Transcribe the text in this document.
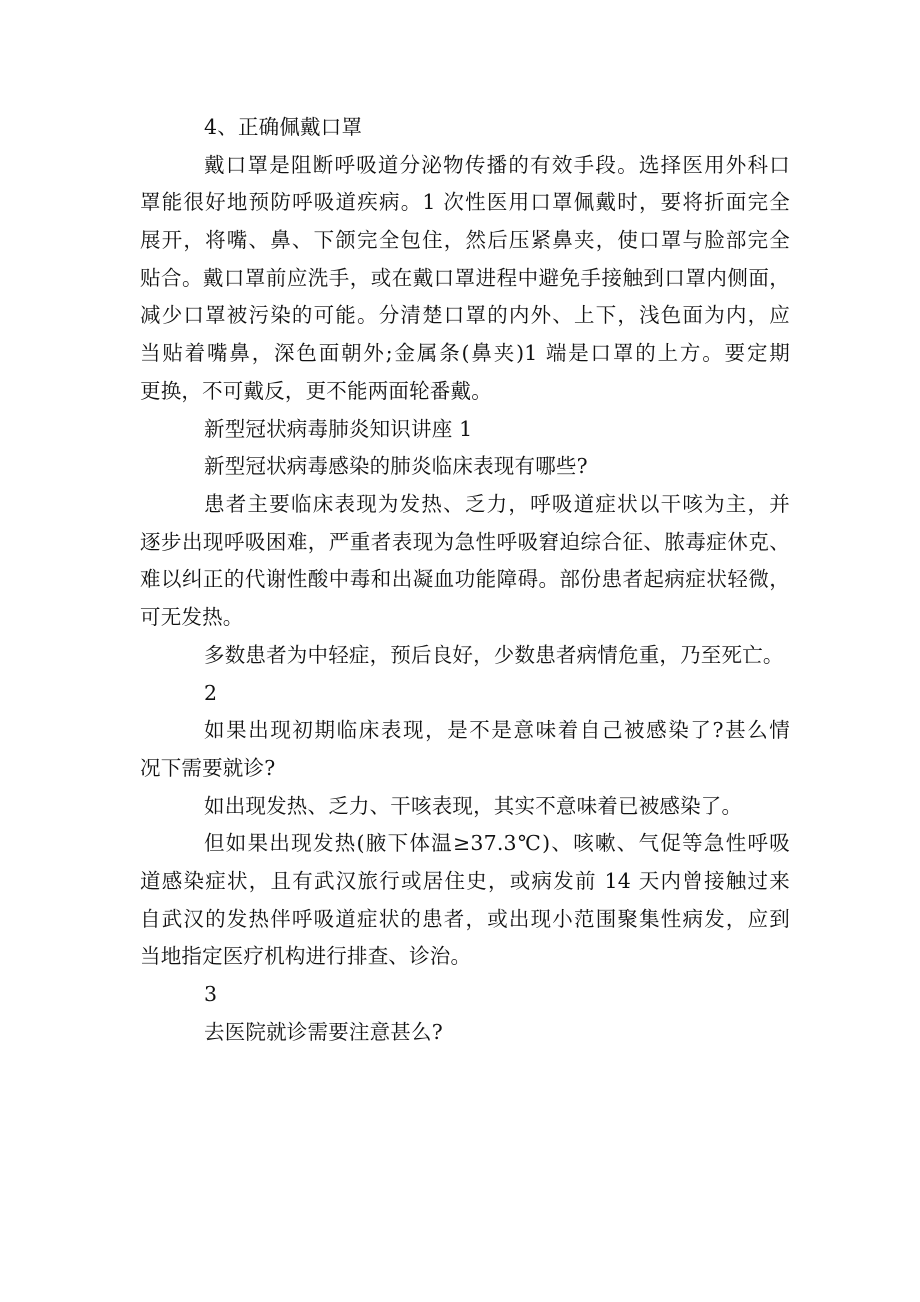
4、正确佩戴口罩
戴口罩是阻断呼吸道分泌物传播的有效手段。选择医用外科口
罩能很好地预防呼吸道疾病。1 次性医用口罩佩戴时，要将折面完全
展开，将嘴、鼻、下颌完全包住，然后压紧鼻夹，使口罩与脸部完全
贴合。戴口罩前应洗手，或在戴口罩进程中避免手接触到口罩内侧面，
减少口罩被污染的可能。分清楚口罩的内外、上下，浅色面为内，应
当贴着嘴鼻，深色面朝外;金属条(鼻夹)1 端是口罩的上方。要定期
更换，不可戴反，更不能两面轮番戴。
新型冠状病毒肺炎知识讲座 1
新型冠状病毒感染的肺炎临床表现有哪些?
患者主要临床表现为发热、乏力，呼吸道症状以干咳为主，并
逐步出现呼吸困难，严重者表现为急性呼吸窘迫综合征、脓毒症休克、
难以纠正的代谢性酸中毒和出凝血功能障碍。部份患者起病症状轻微，
可无发热。
多数患者为中轻症，预后良好，少数患者病情危重，乃至死亡。
2
如果出现初期临床表现，是不是意味着自己被感染了?甚么情
况下需要就诊?
如出现发热、乏力、干咳表现，其实不意味着已被感染了。
但如果出现发热(腋下体温≥37.3℃)、咳嗽、气促等急性呼吸
道感染症状，且有武汉旅行或居住史，或病发前 14 天内曾接触过来
自武汉的发热伴呼吸道症状的患者，或出现小范围聚集性病发，应到
当地指定医疗机构进行排查、诊治。
3
去医院就诊需要注意甚么?
